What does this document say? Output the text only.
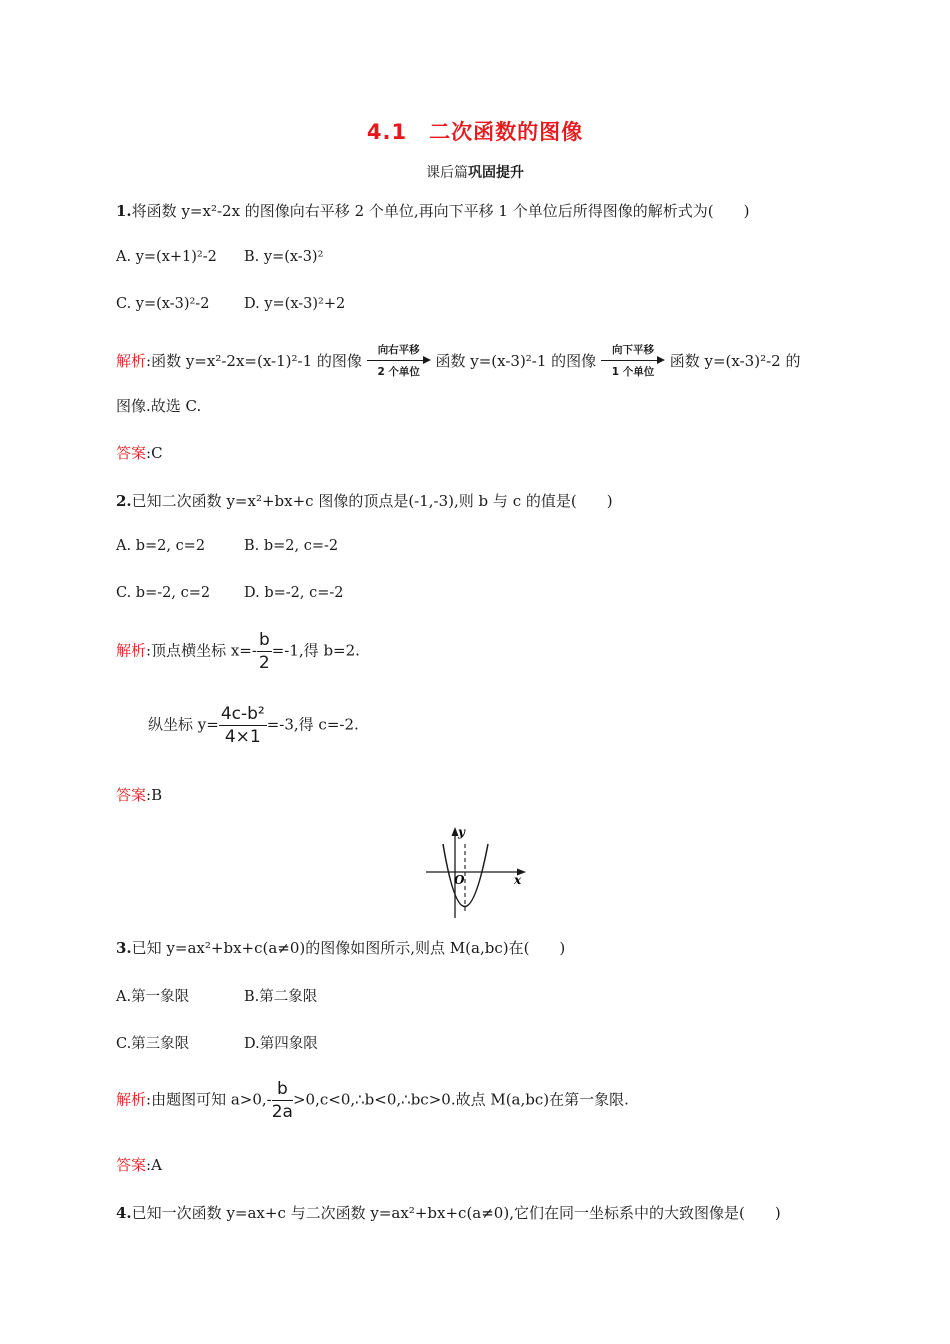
4.1　二次函数的图像
课后篇巩固提升
1.将函数 y=x²-2x 的图像向右平移 2 个单位,再向下平移 1 个单位后所得图像的解析式为(　　)
A. y=(x+1)²-2 B. y=(x-3)²
C. y=(x-3)²-2 D. y=(x-3)²+2
解析:函数 y=x²-2x=(x-1)²-1 的图像
向右平移
2 个单位
函数 y=(x-3)²-1 的图像
向下平移
1 个单位
函数 y=(x-3)²-2 的
图像.故选 C.
答案:C
2.已知二次函数 y=x²+bx+c 图像的顶点是(-1,-3),则 b 与 c 的值是(　　)
A. b=2, c=2	B. b=2, c=-2
C. b=-2, c=2 D. b=-2, c=-2
解析:顶点横坐标 $x=- \frac{b}{2} =-1$,得 b=2.
纵坐标 $y= \frac{\text{4c-b²}}{4\times 1} =-3$,得 c=-2.
答案:B
y
x
O
3.已知 y=ax²+bx+c(a≠0)的图像如图所示,则点 M(a,bc)在(　　)
A.第一象限	B.第二象限
C.第三象限	D.第四象限
解析:由题图可知 $a>0,- \frac{b}{2a}$ >0,c<0,∴b<0,∴bc>0.故点 M(a,bc)在第一象限.
答案:A
4.已知一次函数 y=ax+c 与二次函数 y=ax²+bx+c(a≠0),它们在同一坐标系中的大致图像是(　　)
